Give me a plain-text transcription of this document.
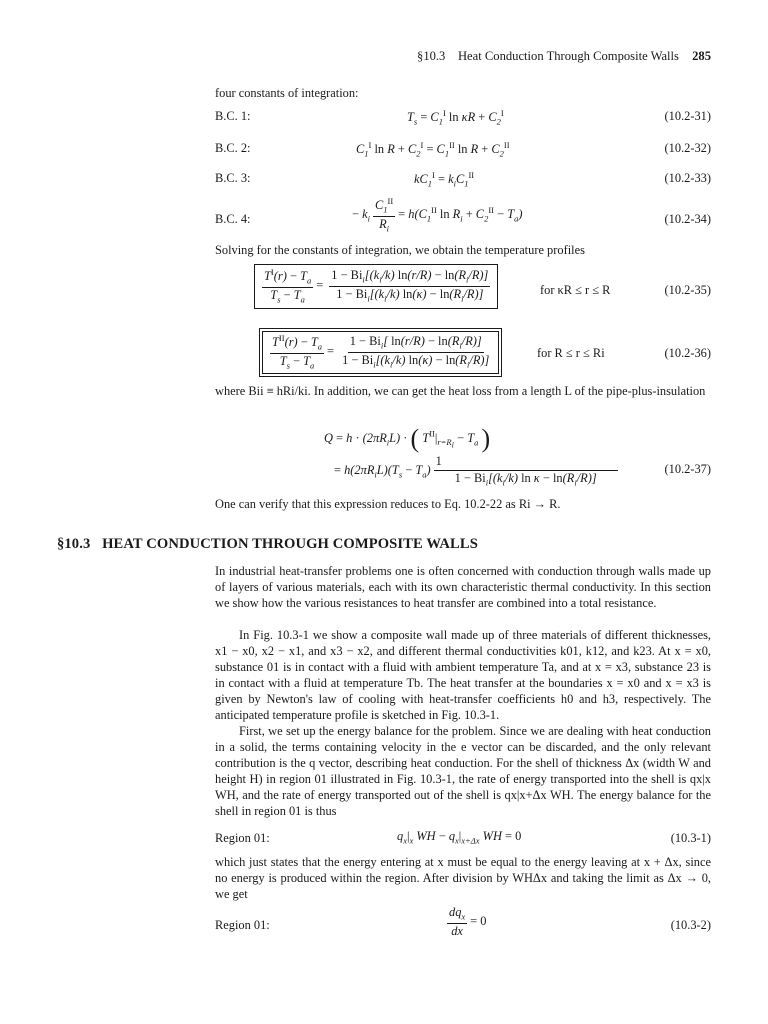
§10.3 Heat Conduction Through Composite Walls 285
four constants of integration:
B.C. 1:	$T_s = C_1^I$ $\ln \kappa R + C_2^I$	(10.2-31)
B.C. 2:	$C_1^I$ $\ln R + C_2^I = C_1^{II}$ $\ln R + C_2^{II}$	(10.2-32)
B.C. 3:	$kC_1^I = k_iC_1^{II}$	(10.2-33)
B.C. 4:	− $k_i \frac{C_1^{II}}{R_i} = h(C_1^{II}$ $\ln R_i + C_2^{II} - T_a$)	(10.2-34)
Solving for the constants of integration, we obtain the temperature profiles
$\frac{T^I(r) - T_a}{T_s - T_a} = \frac{1 - Bi_i[(k_i/k) \ln(r/R) - \ln(R_i/R)]}{1 - Bi_i[(k_i/k) \ln(\kappa) - \ln(R_i/R)]}$	for κR ≤ r ≤ R	(10.2-35)
$\frac{T^{II}(r) - T_a}{T_s - T_a} = \frac{1 - Bi_i[ \ln(r/R) - \ln(R_i/R)]}{1 - Bi_i[(k_i/k) \ln(\kappa) - \ln(R_i/R)]}$	for R ≤ r ≤ Ri	(10.2-36)
where Bii ≡ hRi/ki. In addition, we can get the heat loss from a length L of the pipe-plus-insulation
$Q = h \cdot (2\pi R_iL)$ · ( $T^{II}|_{r=R_i} - T_a$ )
= $h(2\pi R_iL)(T_s - T_a) \frac{1}{1 - Bi_i[(k_i/k) \ln \kappa - \ln(R_i/R)]}$	(10.2-37)
One can verify that this expression reduces to Eq. 10.2-22 as Ri → R.
§10.3 HEAT CONDUCTION THROUGH COMPOSITE WALLS
In industrial heat-transfer problems one is often concerned with conduction through walls made up of layers of various materials, each with its own characteristic thermal conductivity. In this section we show how the various resistances to heat transfer are combined into a total resistance.
In Fig. 10.3-1 we show a composite wall made up of three materials of different thicknesses, x1 − x0, x2 − x1, and x3 − x2, and different thermal conductivities k01, k12, and k23. At x = x0, substance 01 is in contact with a fluid with ambient temperature Ta, and at x = x3, substance 23 is in contact with a fluid at temperature Tb. The heat transfer at the boundaries x = x0 and x = x3 is given by Newton's law of cooling with heat-transfer coefficients h0 and h3, respectively. The anticipated temperature profile is sketched in Fig. 10.3-1.
First, we set up the energy balance for the problem. Since we are dealing with heat conduction in a solid, the terms containing velocity in the e vector can be discarded, and the only relevant contribution is the q vector, describing heat conduction. For the shell of thickness Δx (width W and height H) in region 01 illustrated in Fig. 10.3-1, the rate of energy transported into the shell is qx|x WH, and the rate of energy transported out of the shell is qx|x+Δx WH. The energy balance for the shell in region 01 is thus
Region 01:	$q_x|_x$ WH − $q_x|_{x+\Delta x}$ WH = 0	(10.3-1)
which just states that the energy entering at x must be equal to the energy leaving at x + Δx, since no energy is produced within the region. After division by WHΔx and taking the limit as Δx → 0, we get
Region 01:	$\frac{dq_x}{dx} = 0$	(10.3-2)
